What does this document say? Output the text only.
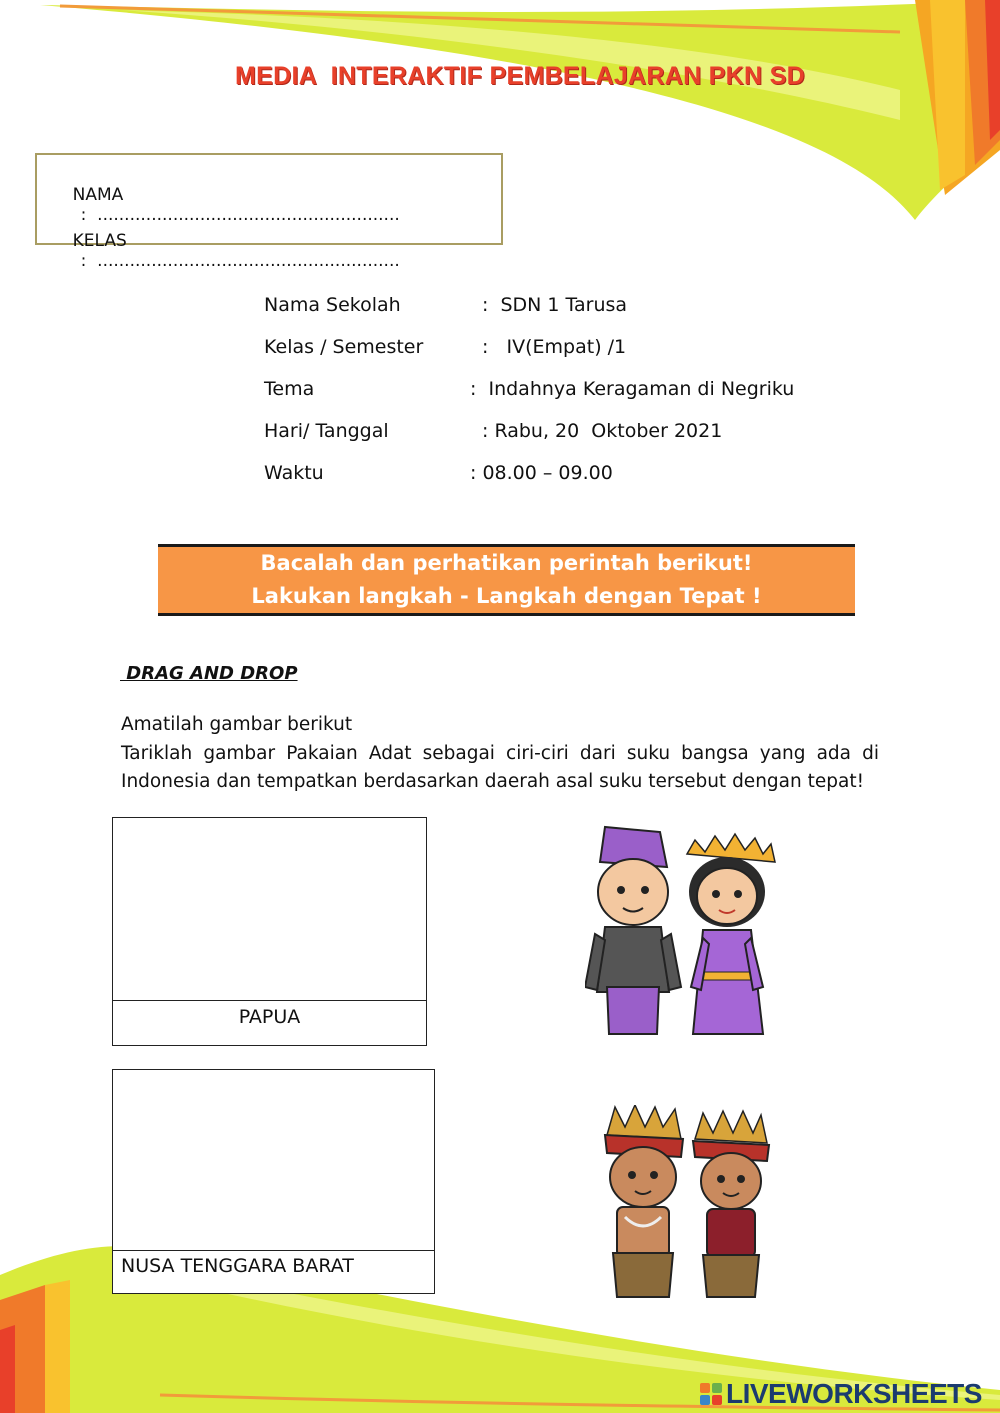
MEDIA  INTERAKTIF PEMBELAJARAN PKN SD

NAMA
:  ........................................................

KELAS
:  ........................................................

Nama Sekolah	:  SDN 1 Tarusa
Kelas / Semester	:   IV(Empat) /1
Tema	:  Indahnya Keragaman di Negriku
Hari/ Tanggal	: Rabu, 20  Oktober 2021
Waktu	: 08.00 – 09.00
Bacalah dan perhatikan perintah berikut!
Lakukan langkah - Langkah dengan Tepat !
DRAG AND DROP
Amatilah gambar berikut
Tariklah gambar Pakaian Adat sebagai ciri-ciri dari suku bangsa yang ada di
Indonesia dan tempatkan berdasarkan daerah asal suku tersebut dengan tepat!
PAPUA
NUSA TENGGARA BARAT
LIVEWORKSHEETS
